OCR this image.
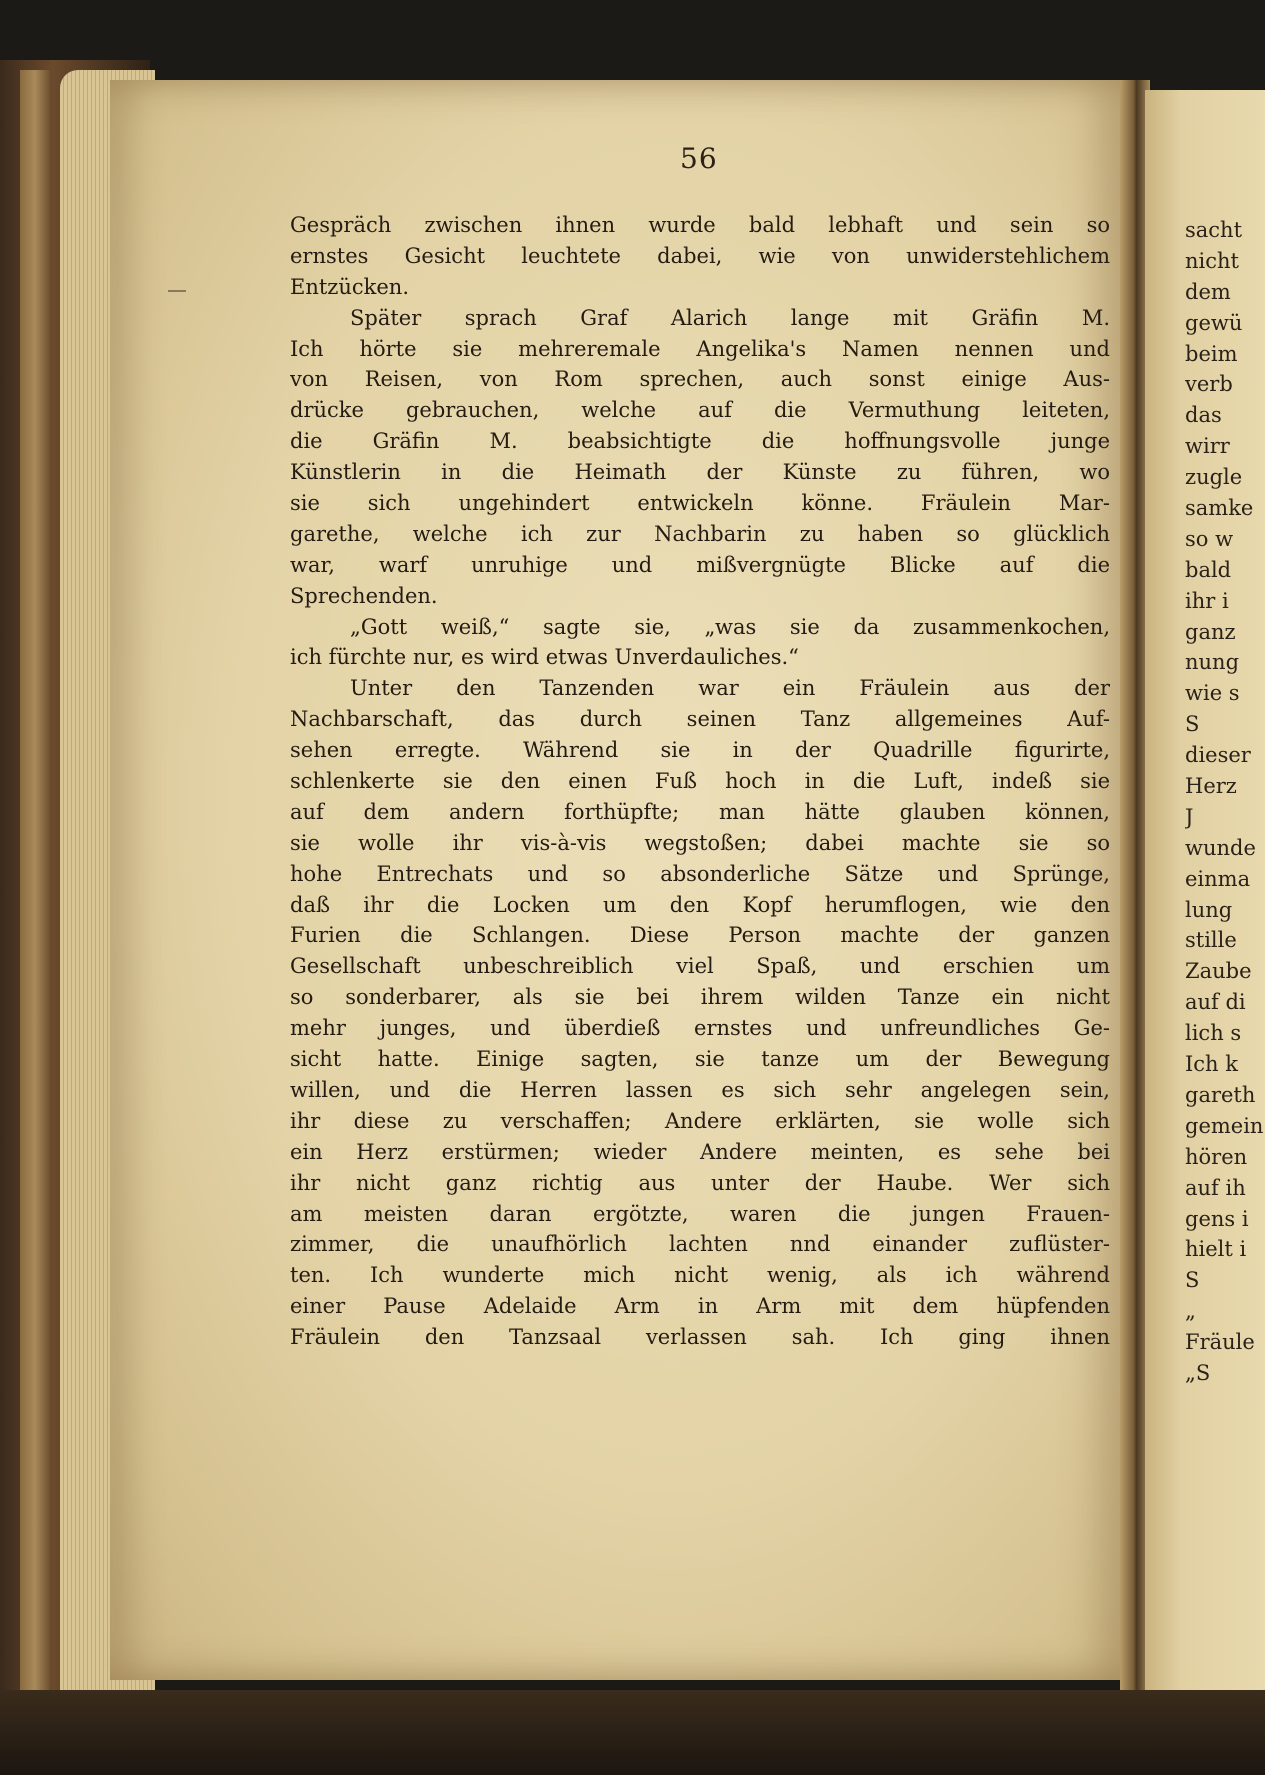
56
Gespräch zwischen ihnen wurde bald lebhaft und sein so
ernstes Gesicht leuchtete dabei, wie von unwiderstehlichem
Entzücken.
Später sprach Graf Alarich lange mit Gräfin M.
Ich hörte sie mehreremale Angelika's Namen nennen und
von Reisen, von Rom sprechen, auch sonst einige Aus-
drücke gebrauchen, welche auf die Vermuthung leiteten,
die Gräfin M. beabsichtigte die hoffnungsvolle junge
Künstlerin in die Heimath der Künste zu führen, wo
sie sich ungehindert entwickeln könne. Fräulein Mar-
garethe, welche ich zur Nachbarin zu haben so glücklich
war, warf unruhige und mißvergnügte Blicke auf die
Sprechenden.
„Gott weiß,“ sagte sie, „was sie da zusammenkochen,
ich fürchte nur, es wird etwas Unverdauliches.“
Unter den Tanzenden war ein Fräulein aus der
Nachbarschaft, das durch seinen Tanz allgemeines Auf-
sehen erregte. Während sie in der Quadrille figurirte,
schlenkerte sie den einen Fuß hoch in die Luft, indeß sie
auf dem andern forthüpfte; man hätte glauben können,
sie wolle ihr vis-à-vis wegstoßen; dabei machte sie so
hohe Entrechats und so absonderliche Sätze und Sprünge,
daß ihr die Locken um den Kopf herumflogen, wie den
Furien die Schlangen. Diese Person machte der ganzen
Gesellschaft unbeschreiblich viel Spaß, und erschien um
so sonderbarer, als sie bei ihrem wilden Tanze ein nicht
mehr junges, und überdieß ernstes und unfreundliches Ge-
sicht hatte. Einige sagten, sie tanze um der Bewegung
willen, und die Herren lassen es sich sehr angelegen sein,
ihr diese zu verschaffen; Andere erklärten, sie wolle sich
ein Herz erstürmen; wieder Andere meinten, es sehe bei
ihr nicht ganz richtig aus unter der Haube. Wer sich
am meisten daran ergötzte, waren die jungen Frauen-
zimmer, die unaufhörlich lachten nnd einander zuflüster-
ten. Ich wunderte mich nicht wenig, als ich während
einer Pause Adelaide Arm in Arm mit dem hüpfenden
Fräulein den Tanzsaal verlassen sah. Ich ging ihnen
sacht
nicht
dem
gewü
beim
verb
das
wirr
zugle
samke
so w
bald
ihr i
ganz
nung
wie s
S
dieser
Herz
J
wunde
einma
lung
stille
Zaube
auf di
lich s
Ich k
gareth
gemein
hören
auf ih
gens i
hielt i
S
„
Fräule
„S
